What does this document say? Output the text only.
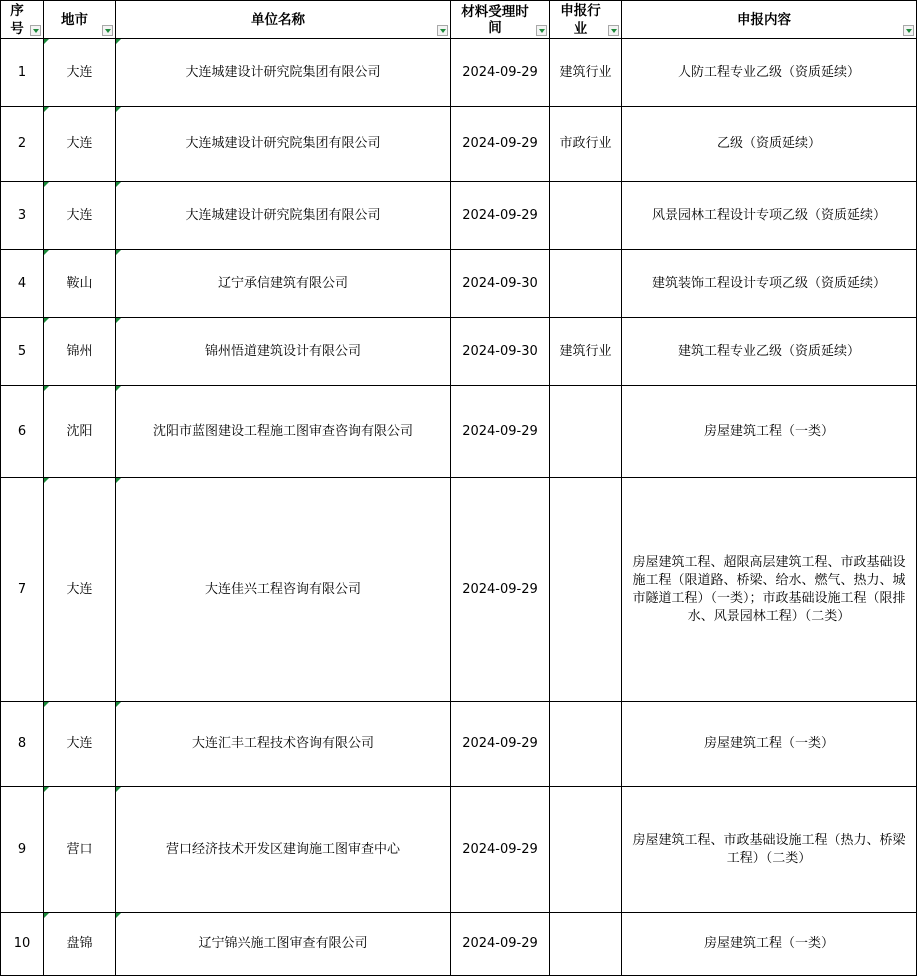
序号	地市	单位名称	材料受理时间	申报行业	申报内容

1	大连	大连城建设计研究院集团有限公司	2024-09-29	建筑行业	人防工程专业乙级（资质延续）
2	大连	大连城建设计研究院集团有限公司	2024-09-29	市政行业	乙级（资质延续）
3	大连	大连城建设计研究院集团有限公司	2024-09-29		风景园林工程设计专项乙级（资质延续）
4	鞍山	辽宁承信建筑有限公司	2024-09-30		建筑装饰工程设计专项乙级（资质延续）
5	锦州	锦州悟道建筑设计有限公司	2024-09-30	建筑行业	建筑工程专业乙级（资质延续）
6	沈阳	沈阳市蓝图建设工程施工图审查咨询有限公司	2024-09-29		房屋建筑工程（一类）
7	大连	大连佳兴工程咨询有限公司	2024-09-29		房屋建筑工程、超限高层建筑工程、市政基础设施工程（限道路、桥梁、给水、燃气、热力、城市隧道工程）（一类）；市政基础设施工程（限排水、风景园林工程）（二类）
8	大连	大连汇丰工程技术咨询有限公司	2024-09-29		房屋建筑工程（一类）
9	营口	营口经济技术开发区建询施工图审查中心	2024-09-29		房屋建筑工程、市政基础设施工程（热力、桥梁工程）（二类）
10	盘锦	辽宁锦兴施工图审查有限公司	2024-09-29		房屋建筑工程（一类）
